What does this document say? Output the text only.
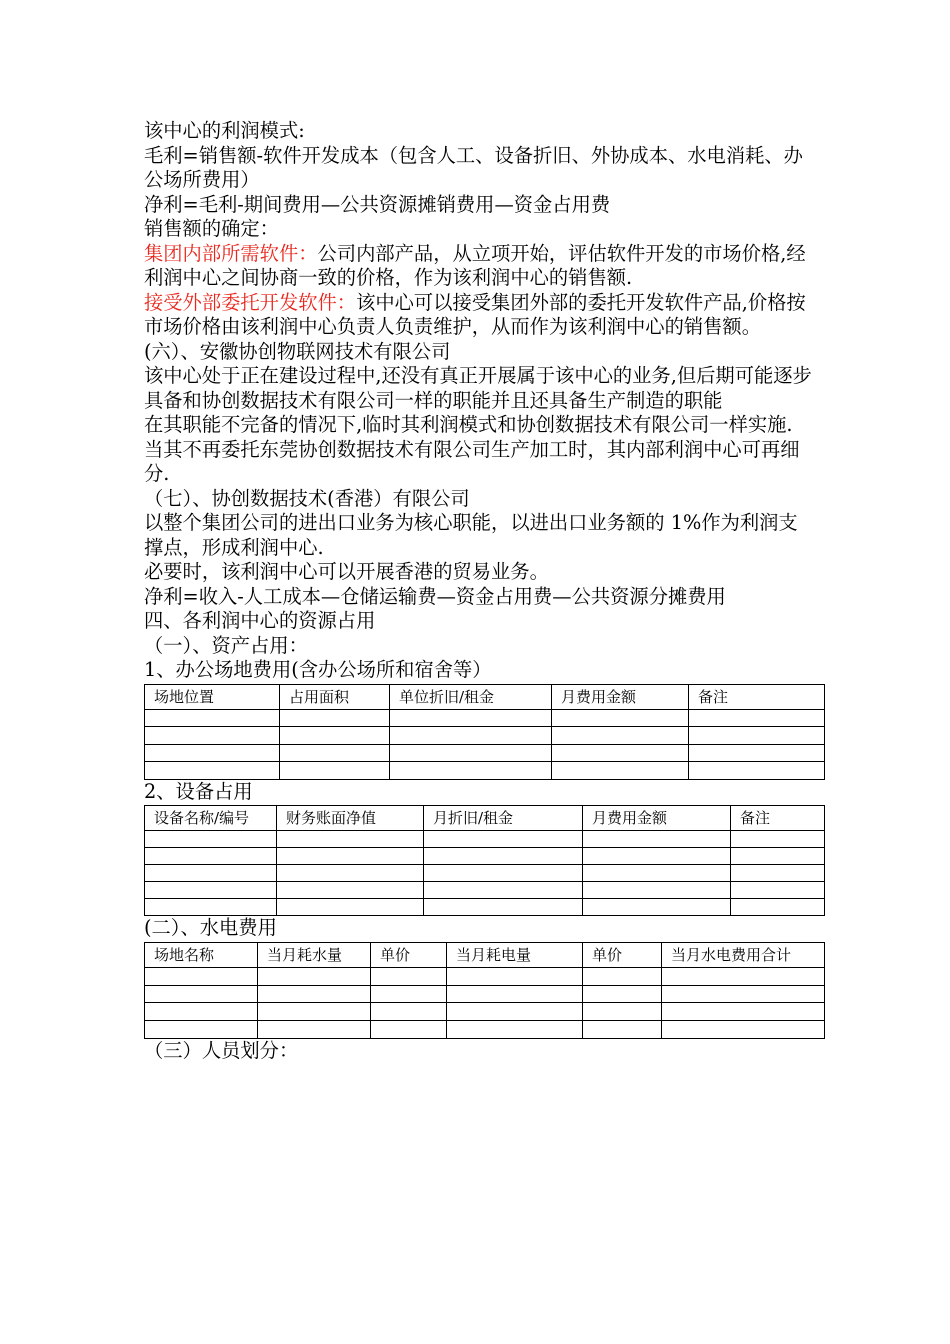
该中心的利润模式:

毛利=销售额-软件开发成本（包含人工、设备折旧、外协成本、水电消耗、办公场所费用）

净利=毛利-期间费用—公共资源摊销费用—资金占用费

销售额的确定：

集团内部所需软件：公司内部产品，从立项开始，评估软件开发的市场价格,经利润中心之间协商一致的价格，作为该利润中心的销售额.

接受外部委托开发软件：该中心可以接受集团外部的委托开发软件产品,价格按市场价格由该利润中心负责人负责维护，从而作为该利润中心的销售额。

(六）、安徽协创物联网技术有限公司

该中心处于正在建设过程中,还没有真正开展属于该中心的业务,但后期可能逐步具备和协创数据技术有限公司一样的职能并且还具备生产制造的职能

在其职能不完备的情况下,临时其利润模式和协创数据技术有限公司一样实施.

当其不再委托东莞协创数据技术有限公司生产加工时，其内部利润中心可再细分.

（七）、协创数据技术(香港）有限公司

以整个集团公司的进出口业务为核心职能，以进出口业务额的 1%作为利润支撑点，形成利润中心.

必要时，该利润中心可以开展香港的贸易业务。

净利=收入-人工成本—仓储运输费—资金占用费—公共资源分摊费用

四、各利润中心的资源占用

（一）、资产占用：

1、办公场地费用(含办公场所和宿舍等）

场地位置	占用面积	单位折旧/租金	月费用金额	备注

2、设备占用

设备名称/编号	财务账面净值	月折旧/租金	月费用金额	备注

(二）、水电费用

场地名称	当月耗水量	单价	当月耗电量	单价	当月水电费用合计

（三）人员划分：
